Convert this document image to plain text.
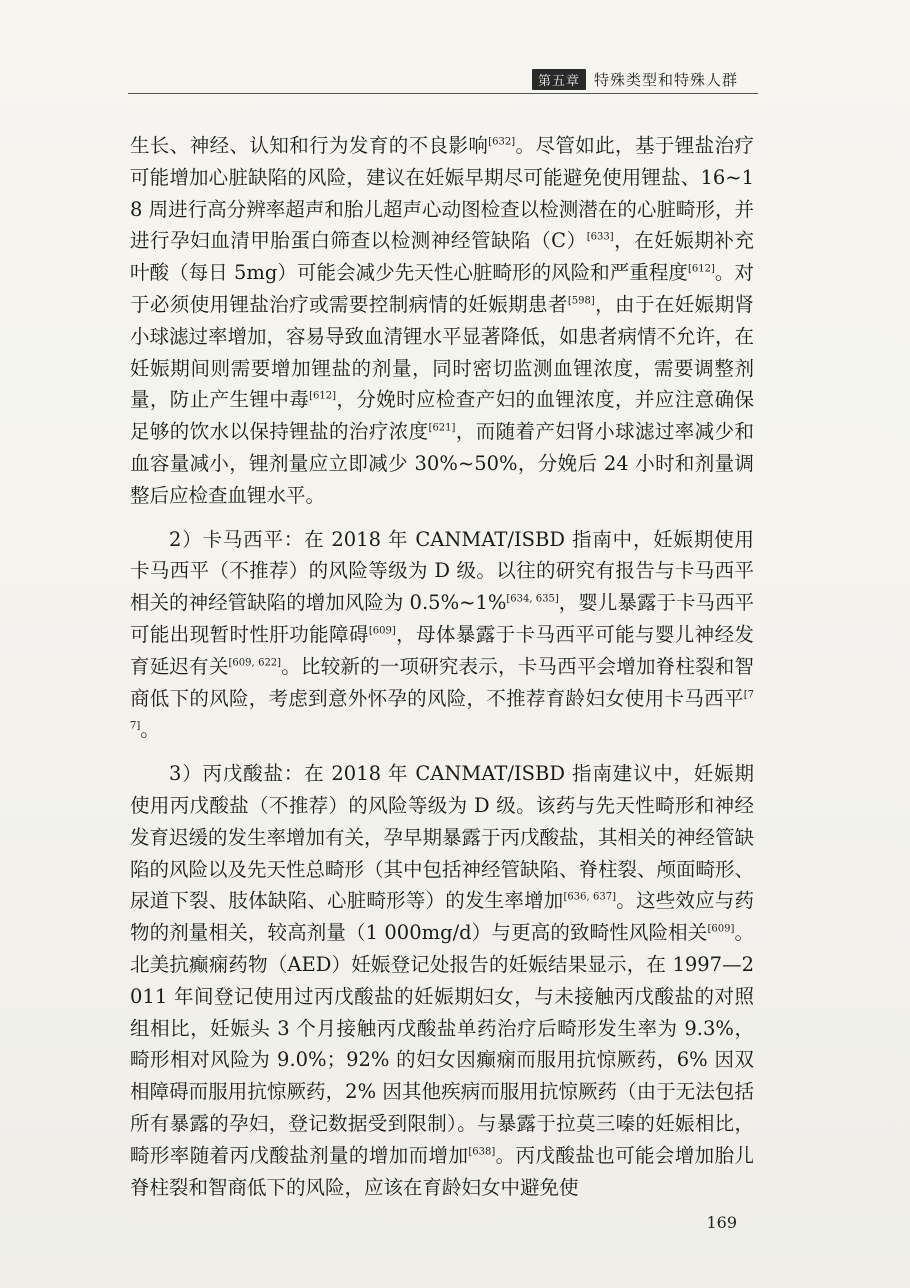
第五章 特殊类型和特殊人群

生长、神经、认知和行为发育的不良影响[632]。尽管如此，基于锂盐治疗可能增加心脏缺陷的风险，建议在妊娠早期尽可能避免使用锂盐、16~18 周进行高分辨率超声和胎儿超声心动图检查以检测潜在的心脏畸形，并进行孕妇血清甲胎蛋白筛查以检测神经管缺陷（C）[633]，在妊娠期补充叶酸（每日 5mg）可能会减少先天性心脏畸形的风险和严重程度[612]。对于必须使用锂盐治疗或需要控制病情的妊娠期患者[598]，由于在妊娠期肾小球滤过率增加，容易导致血清锂水平显著降低，如患者病情不允许，在妊娠期间则需要增加锂盐的剂量，同时密切监测血锂浓度，需要调整剂量，防止产生锂中毒[612]，分娩时应检查产妇的血锂浓度，并应注意确保足够的饮水以保持锂盐的治疗浓度[621]，而随着产妇肾小球滤过率减少和血容量减小，锂剂量应立即减少 30%~50%，分娩后 24 小时和剂量调整后应检查血锂水平。

2）卡马西平：在 2018 年 CANMAT/ISBD 指南中，妊娠期使用卡马西平（不推荐）的风险等级为 D 级。以往的研究有报告与卡马西平相关的神经管缺陷的增加风险为 0.5%~1%[634, 635]，婴儿暴露于卡马西平可能出现暂时性肝功能障碍[609]，母体暴露于卡马西平可能与婴儿神经发育延迟有关[609, 622]。比较新的一项研究表示，卡马西平会增加脊柱裂和智商低下的风险，考虑到意外怀孕的风险，不推荐育龄妇女使用卡马西平[77]。

3）丙戊酸盐：在 2018 年 CANMAT/ISBD 指南建议中，妊娠期使用丙戊酸盐（不推荐）的风险等级为 D 级。该药与先天性畸形和神经发育迟缓的发生率增加有关，孕早期暴露于丙戊酸盐，其相关的神经管缺陷的风险以及先天性总畸形（其中包括神经管缺陷、脊柱裂、颅面畸形、尿道下裂、肢体缺陷、心脏畸形等）的发生率增加[636, 637]。这些效应与药物的剂量相关，较高剂量（1 000mg/d）与更高的致畸性风险相关[609]。北美抗癫痫药物（AED）妊娠登记处报告的妊娠结果显示，在 1997—2011 年间登记使用过丙戊酸盐的妊娠期妇女，与未接触丙戊酸盐的对照组相比，妊娠头 3 个月接触丙戊酸盐单药治疗后畸形发生率为 9.3%，畸形相对风险为 9.0%；92% 的妇女因癫痫而服用抗惊厥药，6% 因双相障碍而服用抗惊厥药，2% 因其他疾病而服用抗惊厥药（由于无法包括所有暴露的孕妇，登记数据受到限制）。与暴露于拉莫三嗪的妊娠相比，畸形率随着丙戊酸盐剂量的增加而增加[638]。丙戊酸盐也可能会增加胎儿脊柱裂和智商低下的风险，应该在育龄妇女中避免使

169
